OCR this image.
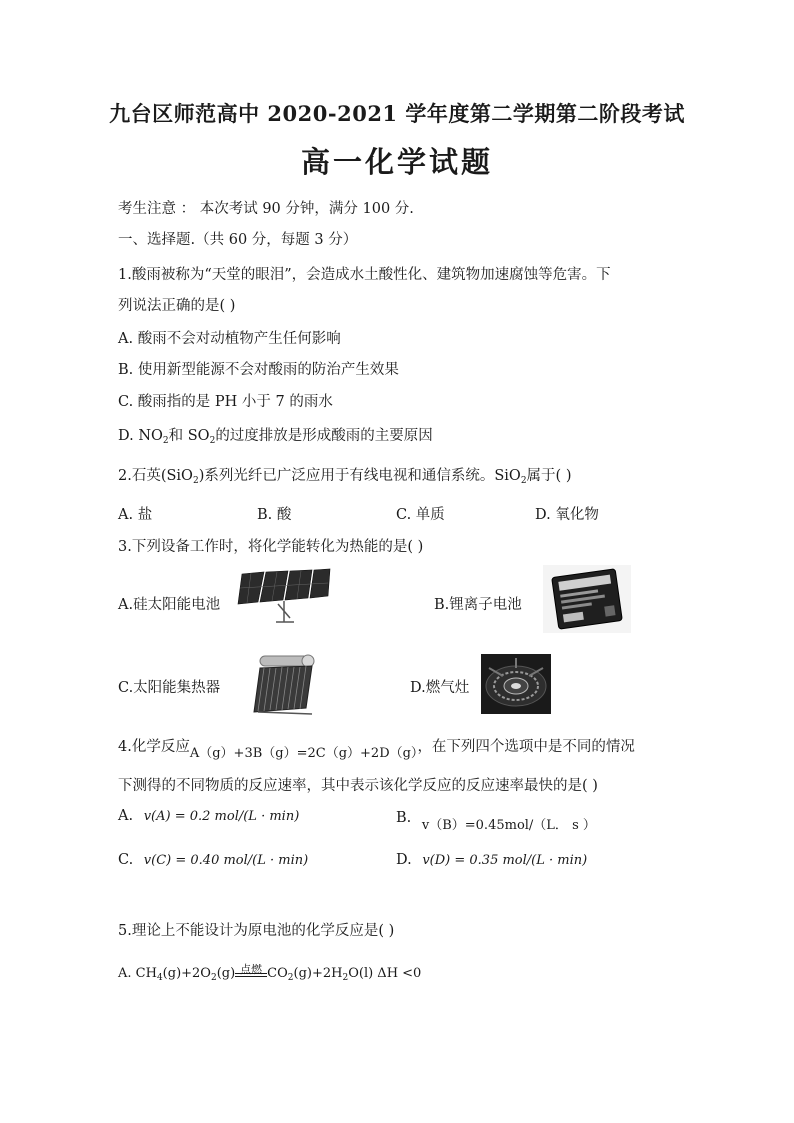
九台区师范高中 2020-2021 学年度第二学期第二阶段考试
高一化学试题
考生注意 ： 本次考试 90 分钟，满分 100 分.
一、选择题.（共 60 分，每题 3 分）
1.酸雨被称为“天堂的眼泪”，会造成水土酸性化、建筑物加速腐蚀等危害。下
列说法正确的是( )
A. 酸雨不会对动植物产生任何影响
B. 使用新型能源不会对酸雨的防治产生效果
C. 酸雨指的是 PH 小于 7 的雨水
D. $NO_2$和 $SO_2$的过度排放是形成酸雨的主要原因
2.石英(SiO$_2$)系列光纤已广泛应用于有线电视和通信系统。SiO$_2$属于( )
A. 盐	B. 酸	C. 单质	D. 氧化物
3.下列设备工作时，将化学能转化为热能的是( )
A.硅太阳能电池	B.锂离子电池
C.太阳能集热器	D.燃气灶
4.化学反应A（g）+3B（g）=2C（g）+2D（g），在下列四个选项中是不同的情况
下测得的不同物质的反应速率，其中表示该化学反应的反应速率最快的是( )
A. v(A) = 0.2 mol/(L · min)	B. v（B）=0.45mol/（L． s ）
C. v(C) = 0.40 mol/(L · min)	D. v(D) = 0.35 mol/(L · min)
5.理论上不能设计为原电池的化学反应是( )
A. $CH_4(g)+2O_2(g)$ 点燃 $CO_2(g)+2H_2O(l)$ ΔH <0
